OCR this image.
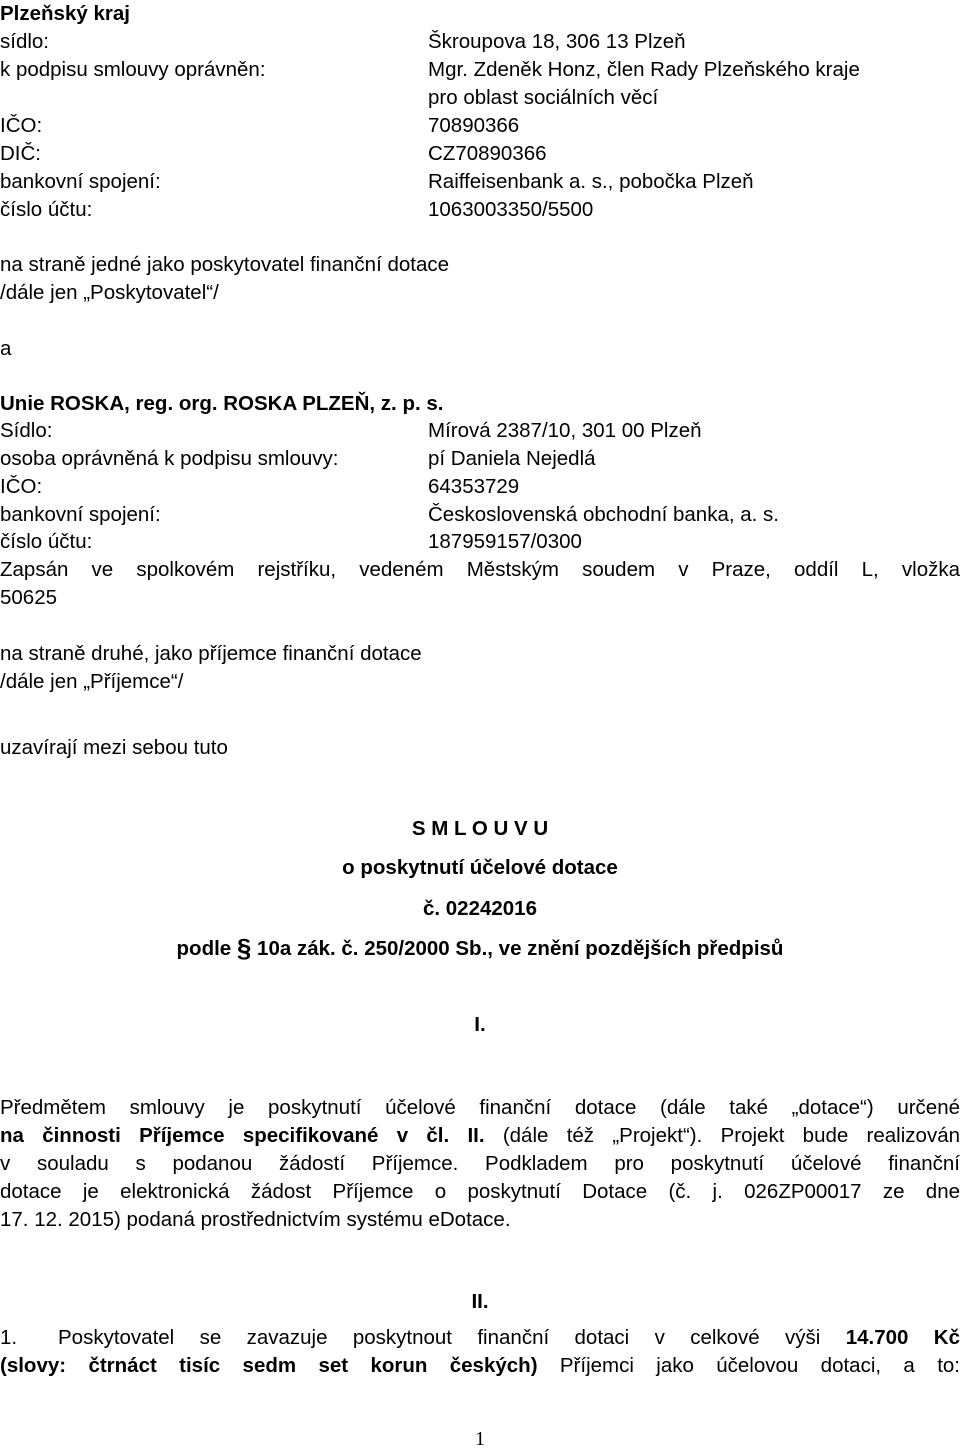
Plzeňský kraj
sídlo:	Škroupova 18, 306 13 Plzeň
k podpisu smlouvy oprávněn:	Mgr. Zdeněk Honz, člen Rady Plzeňského kraje
pro oblast sociálních věcí
IČO:	70890366
DIČ:	CZ70890366
bankovní spojení:	Raiffeisenbank a. s., pobočka Plzeň
číslo účtu:	1063003350/5500
na straně jedné jako poskytovatel finanční dotace
/dále jen „Poskytovatel“/
a
Unie ROSKA, reg. org. ROSKA PLZEŇ, z. p. s.
Sídlo:	Mírová 2387/10, 301 00 Plzeň
osoba oprávněná k podpisu smlouvy:	pí Daniela Nejedlá
IČO:	64353729
bankovní spojení:	Československá obchodní banka, a. s.
číslo účtu:	187959157/0300
Zapsán ve spolkovém rejstříku, vedeném Městským soudem v Praze, oddíl L, vložka
50625
na straně druhé, jako příjemce finanční dotace
/dále jen „Příjemce“/
uzavírají mezi sebou tuto
S M L O U V U
o poskytnutí účelové dotace
č. 02242016
podle § 10a zák. č. 250/2000 Sb., ve znění pozdějších předpisů
I.
Předmětem smlouvy je poskytnutí účelové finanční dotace (dále také „dotace“) určené
na činnosti Příjemce specifikované v čl. II. (dále též „Projekt“). Projekt bude realizován
v souladu s podanou žádostí Příjemce. Podkladem pro poskytnutí účelové finanční
dotace je elektronická žádost Příjemce o poskytnutí Dotace (č. j. 026ZP00017 ze dne
17. 12. 2015) podaná prostřednictvím systému eDotace.
II.
1. Poskytovatel se zavazuje poskytnout finanční dotaci v celkové výši 14.700 Kč
(slovy: čtrnáct tisíc sedm set korun českých) Příjemci jako účelovou dotaci, a to:
1
